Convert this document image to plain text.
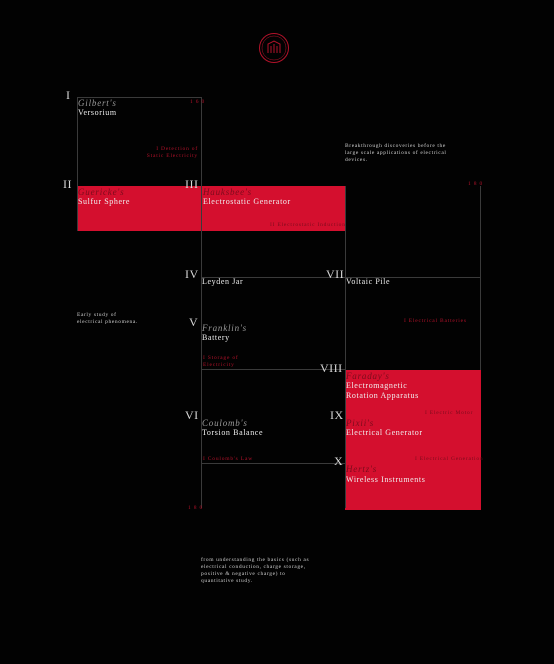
I
Gilbert's
Versorium
1 6 0
I Detection of
Static Electricity
II
Guericke's
Sulfur Sphere
III
Hauksbee's
Electrostatic Generator
II Electrostatic Induction
IV
Leyden Jar
V Franklin's
Battery
I Storage of
Electricity
VI
Coulomb's
Torsion Balance
I Coulomb's Law
VII
Voltaic Pile
I Electrical Batteries
VIII
Faraday's
Electromagnetic
Rotation Apparatus
I Electric Motor
IX
Pixii's
Electrical Generator
I Electrical Generation
X
Hertz's
Wireless Instruments
1 8 0
1 8 0
Breakthrough discoveries before the
large scale applications of electrical
devices.
Early study of
electrical phenomena.
from understanding the basics (such as
electrical conduction, charge storage,
positive & negative charge) to
quantitative study.
